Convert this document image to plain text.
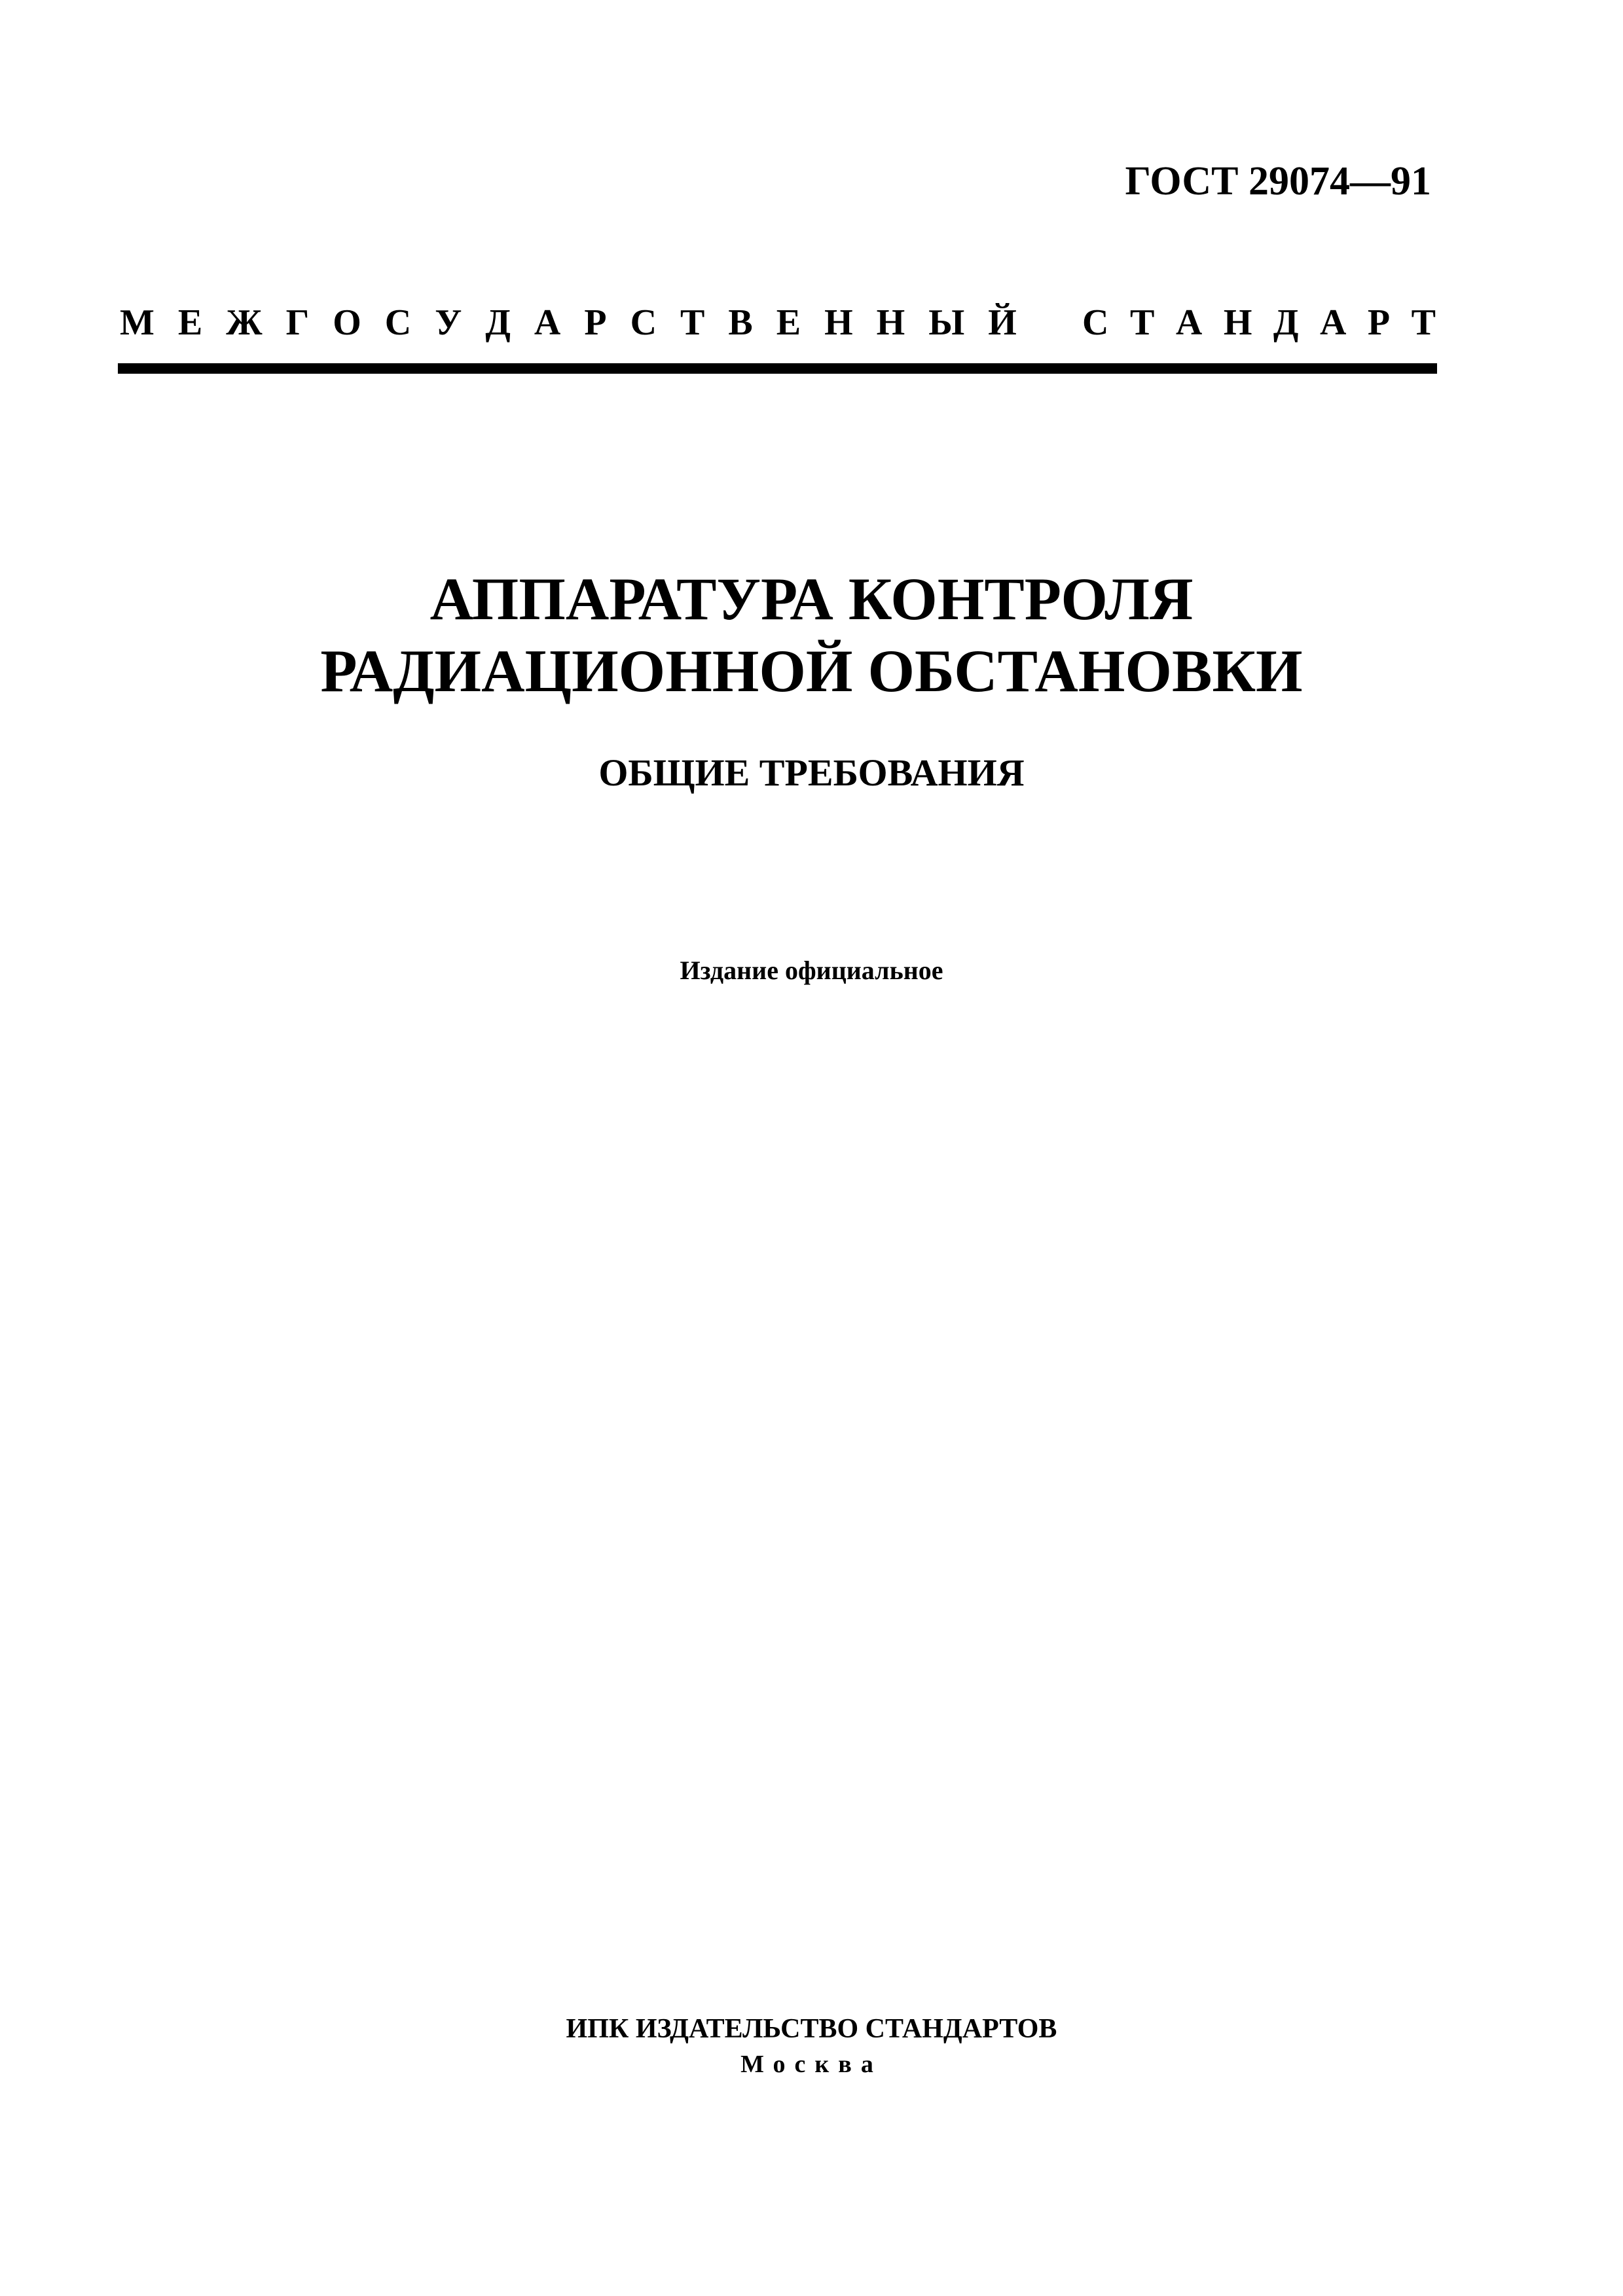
ГОСТ 29074—91
М Е Ж Г О С У Д А Р С Т В Е Н Н Ы Й С Т А Н Д А Р Т
АППАРАТУРА КОНТРОЛЯ
РАДИАЦИОННОЙ ОБСТАНОВКИ
ОБЩИЕ ТРЕБОВАНИЯ
Издание официальное
ИПК ИЗДАТЕЛЬСТВО СТАНДАРТОВ
Москва
